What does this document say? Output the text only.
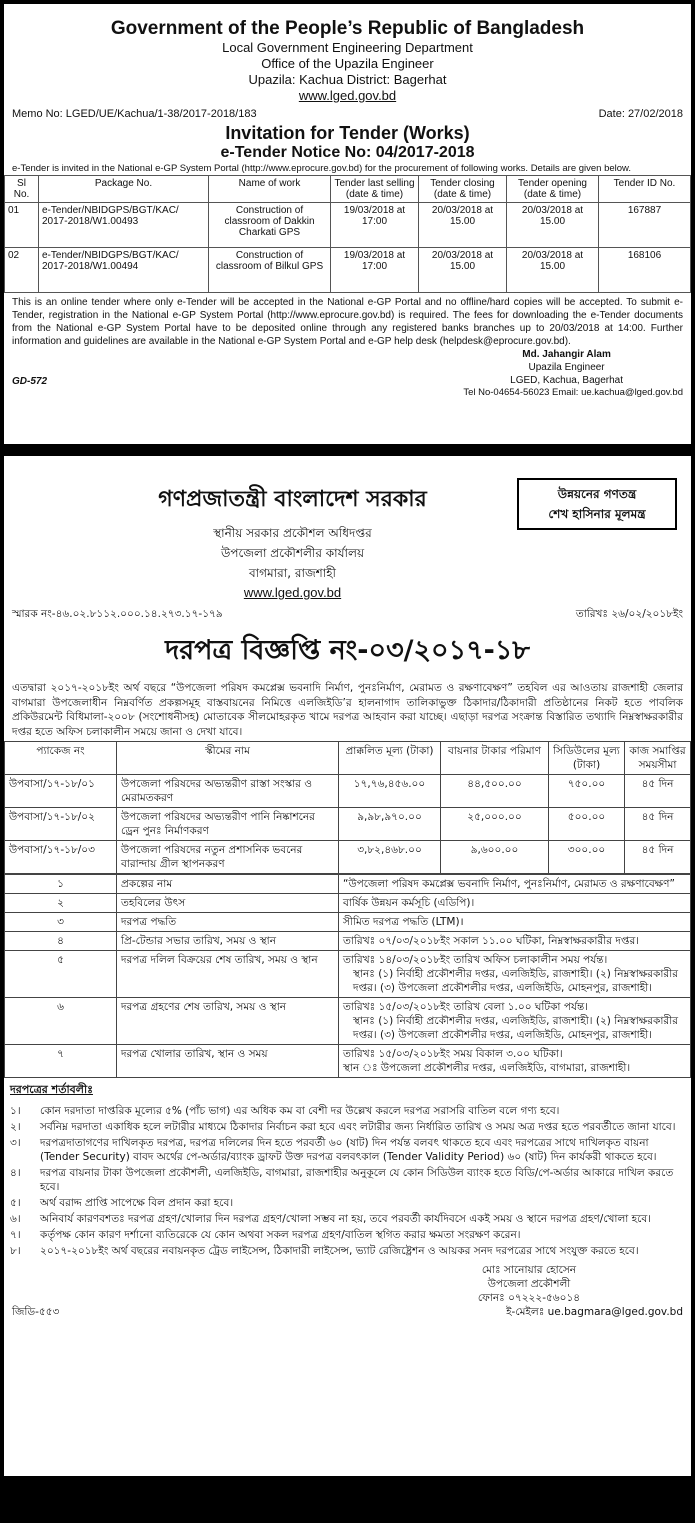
Government of the People’s Republic of Bangladesh
Local Government Engineering Department
Office of the Upazila Engineer
Upazila: Kachua District: Bagerhat
www.lged.gov.bd
Memo No: LGED/UE/Kachua/1-38/2017-2018/183	Date: 27/02/2018
Invitation for Tender (Works)
e-Tender Notice No: 04/2017-2018
e-Tender is invited in the National e-GP System Portal (http://www.eprocure.gov.bd) for the procurement of following works. Details are given below.
Sl No.	Package No.	Name of work	Tender last selling (date & time)	Tender closing (date & time)	Tender opening (date & time)	Tender ID No.
01	e-Tender/NBIDGPS/BGT/KAC/ 2017-2018/W1.00493	Construction of classroom of Dakkin Charkati GPS	19/03/2018 at 17:00	20/03/2018 at 15.00	20/03/2018 at 15.00	167887
02	e-Tender/NBIDGPS/BGT/KAC/ 2017-2018/W1.00494	Construction of classroom of Bilkul GPS	19/03/2018 at 17:00	20/03/2018 at 15.00	20/03/2018 at 15.00	168106
This is an online tender where only e-Tender will be accepted in the National e-GP Portal and no offline/hard copies will be accepted. To submit e-Tender, registration in the National e-GP System Portal (http://www.eprocure.gov.bd) is required. The fees for downloading the e-Tender documents from the National e-GP System Portal have to be deposited online through any registered banks branches up to 20/03/2018 at 14:00. Further information and guidelines are available in the National e-GP System Portal and e-GP help desk (helpdesk@eprocure.gov.bd).
GD-572
Md. Jahangir Alam
Upazila Engineer
LGED, Kachua, Bagerhat
Tel No-04654-56023 Email: ue.kachua@lged.gov.bd
গণপ্রজাতন্ত্রী বাংলাদেশ সরকার	উন্নয়নের গণতন্ত্র
শেখ হাসিনার মূলমন্ত্র
স্থানীয় সরকার প্রকৌশল অধিদপ্তর
উপজেলা প্রকৌশলীর কার্যালয়
বাগমারা, রাজশাহী
www.lged.gov.bd
স্মারক নং-৪৬.০২.৮১১২.০০০.১৪.২৭৩.১৭-১৭৯	তারিখঃ ২৬/০২/২০১৮ইং
দরপত্র বিজ্ঞপ্তি নং-০৩/২০১৭-১৮
এতদ্বারা ২০১৭-২০১৮ইং অর্থ বছরে “উপজেলা পরিষদ কমপ্লেক্স ভবনাদি নির্মাণ, পুনঃনির্মাণ, মেরামত ও রক্ষণাবেক্ষণ” তহবিল এর আওতায় রাজশাহী জেলার বাগমারা উপজেলাধীন নিম্নবর্ণিত প্রকল্পসমূহ বাস্তবায়নের নিমিত্তে এলজিইডি’র হালনাগাদ তালিকাভুক্ত ঠিকাদার/ঠিকাদারী প্রতিষ্ঠানের নিকট হতে পাবলিক প্রকিউরমেন্ট বিধিমালা-২০০৮ (সংশোধনীসহ) মোতাবেক সীলমোহরকৃত খামে দরপত্র আহবান করা যাচ্ছে। এছাড়া দরপত্র সংক্রান্ত বিস্তারিত তথ্যাদি নিম্নস্বাক্ষরকারীর দপ্তর হতে অফিস চলাকালীন সময়ে জানা ও দেখা যাবে।
প্যাকেজ নং	স্কীমের নাম	প্রাক্কলিত মূল্য (টাকা)	বায়নার টাকার পরিমাণ	সিডিউলের মূল্য (টাকা)	কাজ সমাপ্তির সময়সীমা
উপবাসা/১৭-১৮/০১	উপজেলা পরিষদের অভ্যন্তরীণ রাস্তা সংস্কার ও মেরামতকরণ	১৭,৭৬,৪৫৬.০০	৪৪,৫০০.০০	৭৫০.০০	৪৫ দিন
উপবাসা/১৭-১৮/০২	উপজেলা পরিষদের অভ্যন্তরীণ পানি নিষ্কাশনের ড্রেন পুনঃ নির্মাণকরণ	৯,৯৮,৯৭০.০০	২৫,০০০.০০	৫০০.০০	৪৫ দিন
উপবাসা/১৭-১৮/০৩	উপজেলা পরিষদের নতুন প্রশাসনিক ভবনের বারান্দায় গ্রীল স্থাপনকরণ	৩,৮২,৪৬৮.০০	৯,৬০০.০০	৩০০.০০	৪৫ দিন
১	প্রকল্পের নাম	“উপজেলা পরিষদ কমপ্লেক্স ভবনাদি নির্মাণ, পুনঃনির্মাণ, মেরামত ও রক্ষণাবেক্ষণ”
২	তহবিলের উৎস	বার্ষিক উন্নয়ন কর্মসূচি (এডিপি)।
৩	দরপত্র পদ্ধতি	সীমিত দরপত্র পদ্ধতি (LTM)।
৪	প্রি-টেন্ডার সভার তারিখ, সময় ও স্থান	তারিখঃ ০৭/০৩/২০১৮ইং সকাল ১১.০০ ঘটিকা, নিম্নস্বাক্ষরকারীর দপ্তর।
৫	দরপত্র দলিল বিক্রয়ের শেষ তারিখ, সময় ও স্থান	তারিখঃ ১৪/০৩/২০১৮ইং তারিখ অফিস চলাকালীন সময় পর্যন্ত।
স্থানঃ (১) নির্বাহী প্রকৌশলীর দপ্তর, এলজিইডি, রাজশাহী। (২) নিম্নস্বাক্ষরকারীর দপ্তর। (৩) উপজেলা প্রকৌশলীর দপ্তর, এলজিইডি, মোহনপুর, রাজশাহী।

৬	দরপত্র গ্রহণের শেষ তারিখ, সময় ও স্থান	তারিখঃ ১৫/০৩/২০১৮ইং তারিখ বেলা ১.০০ ঘটিকা পর্যন্ত।
স্থানঃ (১) নির্বাহী প্রকৌশলীর দপ্তর, এলজিইডি, রাজশাহী। (২) নিম্নস্বাক্ষরকারীর দপ্তর। (৩) উপজেলা প্রকৌশলীর দপ্তর, এলজিইডি, মোহনপুর, রাজশাহী।

৭	দরপত্র খোলার তারিখ, স্থান ও সময়	তারিখঃ ১৫/০৩/২০১৮ইং সময় বিকাল ৩.০০ ঘটিকা।
স্থান ঃ উপজেলা প্রকৌশলীর দপ্তর, এলজিইডি, বাগমারা, রাজশাহী।
দরপত্রের শর্তাবলীঃ
১।	কোন দরদাতা দাপ্তরিক মূল্যের ৫% (পাঁচ ভাগ) এর অধিক কম বা বেশী দর উল্লেখ করলে দরপত্র সরাসরি বাতিল বলে গণ্য হবে।
২।	সর্বনিম্ন দরদাতা একাধিক হলে লটারীর মাধ্যমে ঠিকাদার নির্বাচন করা হবে এবং লটারীর জন্য নির্ধারিত তারিখ ও সময় অত্র দপ্তর হতে পরবর্তীতে জানা যাবে।
৩।	দরপত্রদাতাগণের দাখিলকৃত দরপত্র, দরপত্র দলিলের দিন হতে পরবর্তী ৬০ (ষাট) দিন পর্যন্ত বলবৎ থাকতে হবে এবং দরপত্রের সাথে দাখিলকৃত বায়না (Tender Security) বাবদ অর্থের পে-অর্ডার/ব্যাংক ড্রাফট উক্ত দরপত্র বলবৎকাল (Tender Validity Period) ৬০ (ষাট) দিন কার্যকরী থাকতে হবে।
৪।	দরপত্র বায়নার টাকা উপজেলা প্রকৌশলী, এলজিইডি, বাগমারা, রাজশাহীর অনুকূলে যে কোন সিডিউল ব্যাংক হতে বিডি/পে-অর্ডার আকারে দাখিল করতে হবে।
৫।	অর্থ বরাদ্দ প্রাপ্তি সাপেক্ষে বিল প্রদান করা হবে।
৬।	অনিবার্য কারণবশতঃ দরপত্র গ্রহণ/খোলার দিন দরপত্র গ্রহণ/খোলা সম্ভব না হয়, তবে পরবর্তী কার্যদিবসে একই সময় ও স্থানে দরপত্র গ্রহণ/খোলা হবে।
৭।	কর্তৃপক্ষ কোন কারণ দর্শানো ব্যতিরেকে যে কোন অথবা সকল দরপত্র গ্রহণ/বাতিল স্থগিত করার ক্ষমতা সংরক্ষণ করেন।
৮।	২০১৭-২০১৮ইং অর্থ বছরের নবায়নকৃত ট্রেড লাইসেন্স, ঠিকাদারী লাইসেন্স, ভ্যাট রেজিষ্ট্রেশন ও আয়কর সনদ দরপত্রের সাথে সংযুক্ত করতে হবে।
মোঃ সানোয়ার হোসেন
উপজেলা প্রকৌশলী
ফোনঃ ০৭২২২-৫৬০১৪
জিডি-৫৫৩	ই-মেইলঃ ue.bagmara@lged.gov.bd
